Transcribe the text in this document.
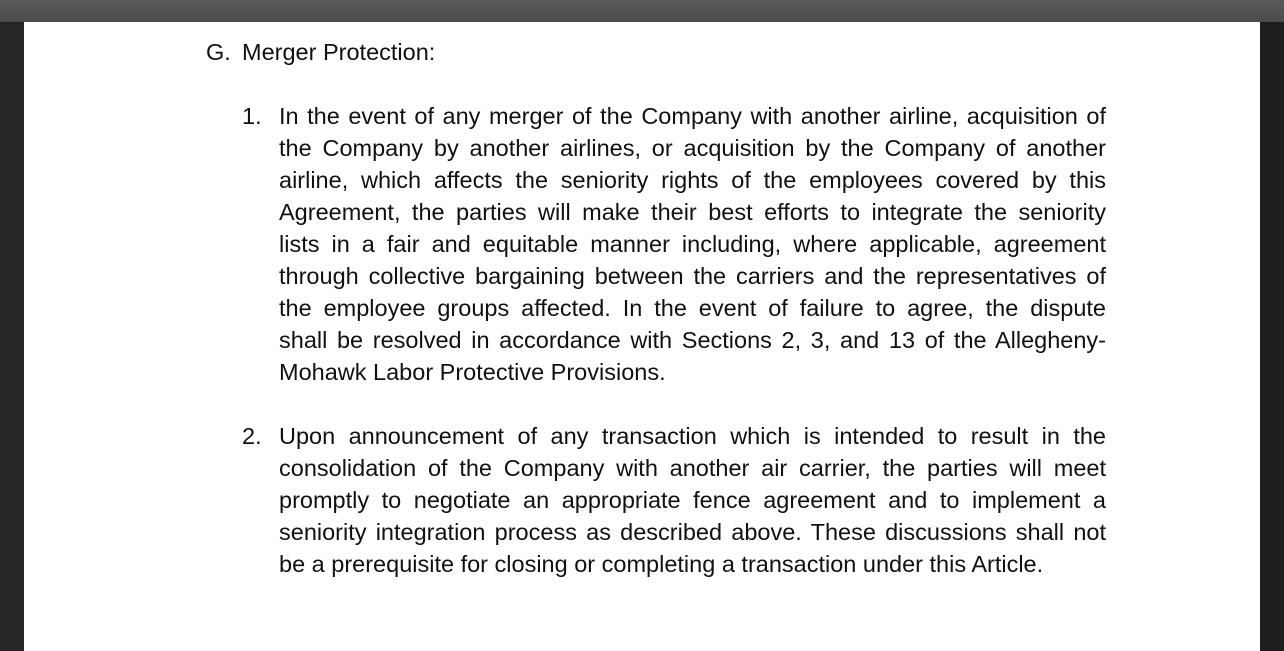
G. Merger Protection:
1. In the event of any merger of the Company with another airline, acquisition of
the Company by another airlines, or acquisition by the Company of another
airline, which affects the seniority rights of the employees covered by this
Agreement, the parties will make their best efforts to integrate the seniority
lists in a fair and equitable manner including, where applicable, agreement
through collective bargaining between the carriers and the representatives of
the employee groups affected. In the event of failure to agree, the dispute
shall be resolved in accordance with Sections 2, 3, and 13 of the Allegheny-
Mohawk Labor Protective Provisions.
2. Upon announcement of any transaction which is intended to result in the
consolidation of the Company with another air carrier, the parties will meet
promptly to negotiate an appropriate fence agreement and to implement a
seniority integration process as described above. These discussions shall not
be a prerequisite for closing or completing a transaction under this Article.
